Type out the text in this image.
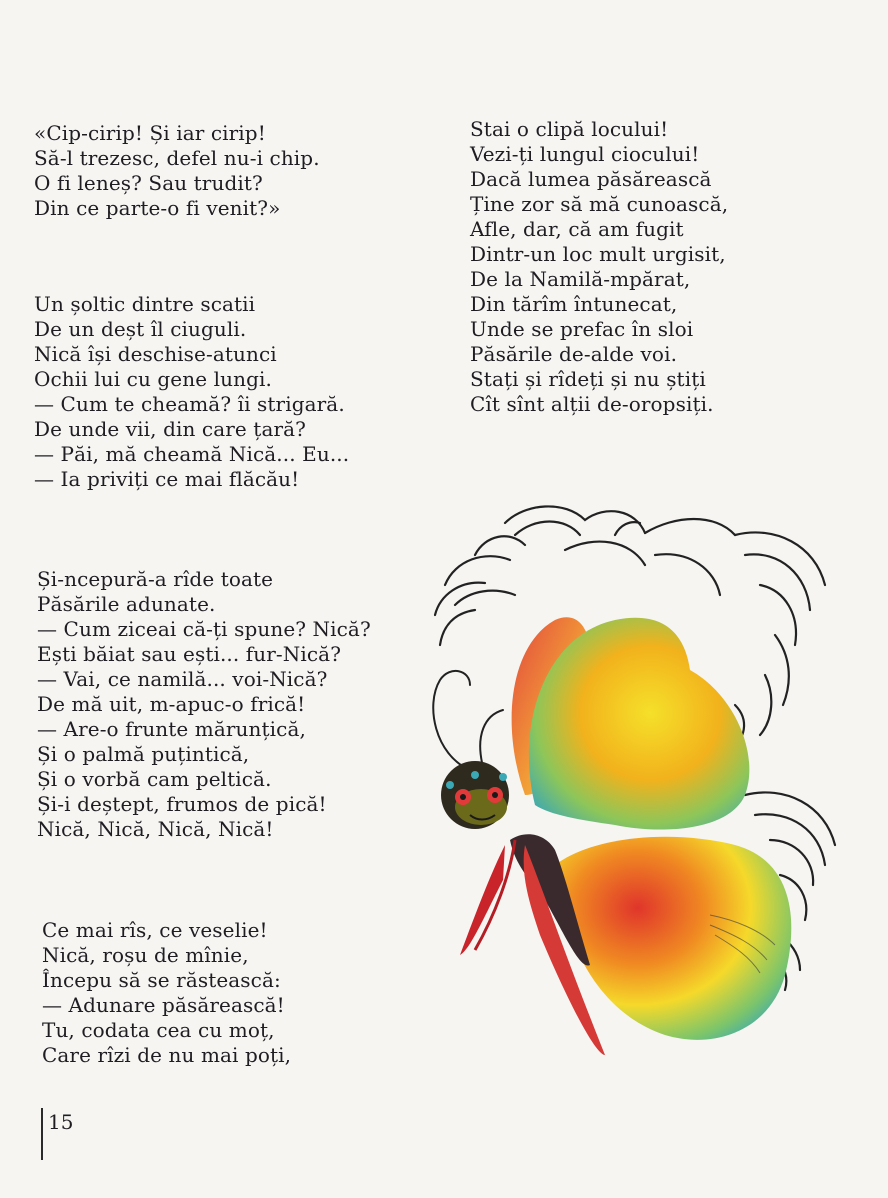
«Cip-cirip! Și iar cirip!
Să-l trezesc, defel nu-i chip.
O fi leneș? Sau trudit?
Din ce parte-o fi venit?»
Un șoltic dintre scatii
De un deșt îl ciuguli.
Nică își deschise-atunci
Ochii lui cu gene lungi.
— Cum te cheamă? îi strigară.
De unde vii, din care țară?
— Păi, mă cheamă Nică... Eu...
— Ia priviți ce mai flăcău!
Și-ncepură-a rîde toate
Păsările adunate.
— Cum ziceai că-ți spune? Nică?
Ești băiat sau ești... fur-Nică?
— Vai, ce namilă... voi-Nică?
De mă uit, m-apuc-o frică!
— Are-o frunte mărunțică,
Și o palmă puțintică,
Și o vorbă cam peltică.
Și-i deștept, frumos de pică!
Nică, Nică, Nică, Nică!
Ce mai rîs, ce veselie!
Nică, roșu de mînie,
Începu să se răstească:
— Adunare păsărească!
Tu, codata cea cu moț,
Care rîzi de nu mai poți,
Stai o clipă locului!
Vezi-ți lungul ciocului!
Dacă lumea păsărească
Ține zor să mă cunoască,
Afle, dar, că am fugit
Dintr-un loc mult urgisit,
De la Namilă-mpărat,
Din tărîm întunecat,
Unde se prefac în sloi
Păsările de-alde voi.
Stați și rîdeți și nu știți
Cît sînt alții de-oropsiți.
15
